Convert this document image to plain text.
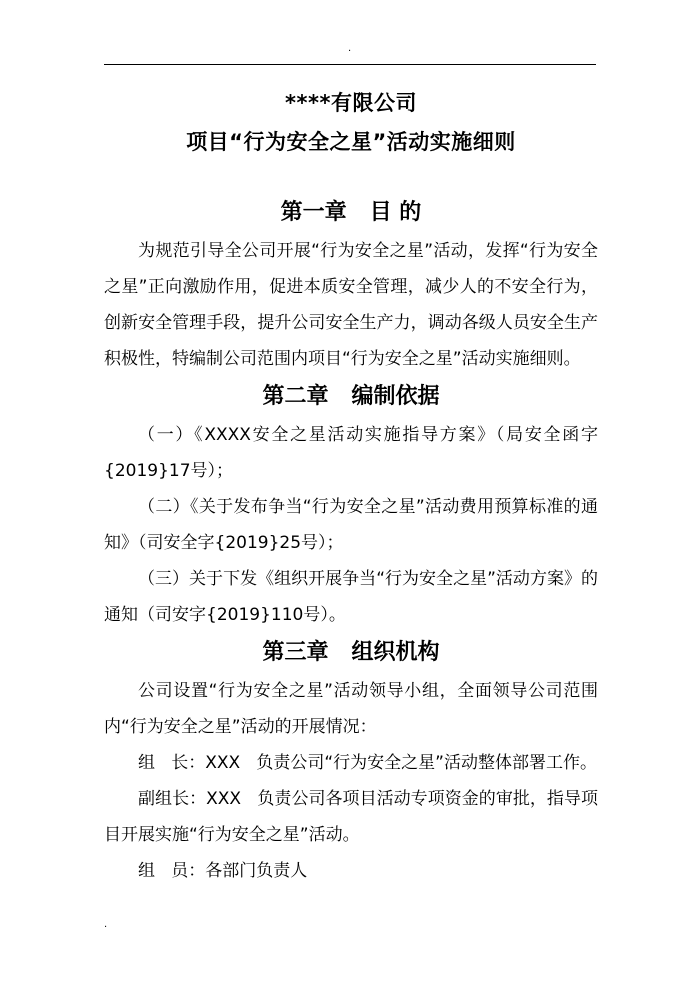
.
****有限公司
项目“行为安全之星”活动实施细则
第一章   目 的

为规范引导全公司开展“行为安全之星”活动，发挥“行为安全之星”正向激励作用，促进本质安全管理，减少人的不安全行为，创新安全管理手段，提升公司安全生产力，调动各级人员安全生产积极性，特编制公司范围内项目“行为安全之星”活动实施细则。

第二章   编制依据

（一）《XXXX安全之星活动实施指导方案》（局安全函字{2019}17号）；

（二）《关于发布争当“行为安全之星”活动费用预算标准的通知》（司安全字{2019}25号）；

（三）关于下发《组织开展争当“行为安全之星”活动方案》的通知（司安字{2019}110号）。

第三章   组织机构

公司设置“行为安全之星”活动领导小组，全面领导公司范围内“行为安全之星”活动的开展情况：

组   长：XXX   负责公司“行为安全之星”活动整体部署工作。

副组长：XXX   负责公司各项目活动专项资金的审批，指导项目开展实施“行为安全之星”活动。

组   员：各部门负责人

.
